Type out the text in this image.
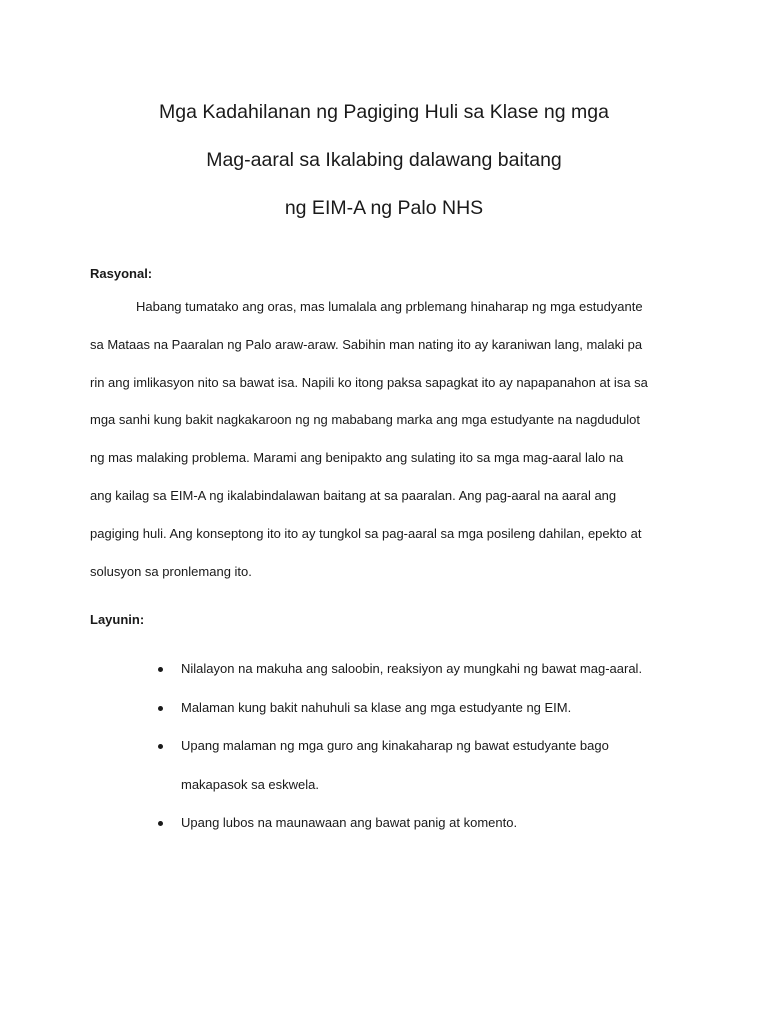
Mga Kadahilanan ng Pagiging Huli sa Klase ng mga
Mag-aaral sa Ikalabing dalawang baitang
ng EIM-A ng Palo NHS
Rasyonal:
Habang tumatako ang oras, mas lumalala ang prblemang hinaharap ng mga estudyante
sa Mataas na Paaralan ng Palo araw-araw. Sabihin man nating ito ay karaniwan lang, malaki pa
rin ang imlikasyon nito sa bawat isa. Napili ko itong paksa sapagkat ito ay napapanahon at isa sa
mga sanhi kung bakit nagkakaroon ng ng mababang marka ang mga estudyante na nagdudulot
ng mas malaking problema. Marami ang benipakto ang sulating ito sa mga mag-aaral lalo na
ang kailag sa EIM-A ng ikalabindalawan baitang at sa paaralan. Ang pag-aaral na aaral ang
pagiging huli. Ang konseptong ito ito ay tungkol sa pag-aaral sa mga posileng dahilan, epekto at
solusyon sa pronlemang ito.
Layunin:
Nilalayon na makuha ang saloobin, reaksiyon ay mungkahi ng bawat mag-aaral.
Malaman kung bakit nahuhuli sa klase ang mga estudyante ng EIM.
Upang malaman ng mga guro ang kinakaharap ng bawat estudyante bago
makapasok sa eskwela.
Upang lubos na maunawaan ang bawat panig at komento.
